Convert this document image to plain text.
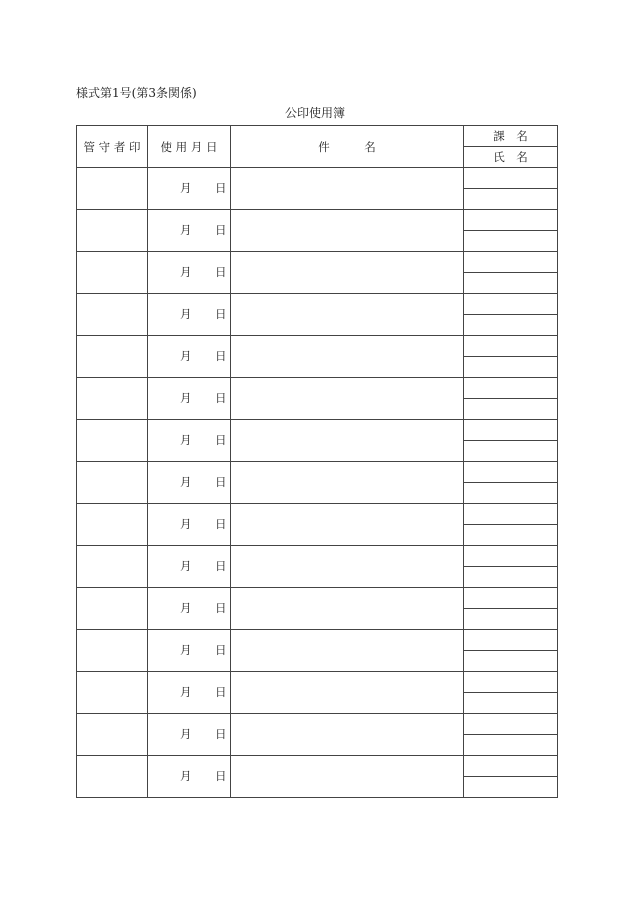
様式第1号(第3条関係)
公印使用簿
管 守 者 印	使 用 月 日	件　　　名	課　名
			氏　名

	月 日		

	月 日		

	月 日		

	月 日		

	月 日		

	月 日		

	月 日		

	月 日		

	月 日		

	月 日		

	月 日		

	月 日		

	月 日		

	月 日		

	月 日		
